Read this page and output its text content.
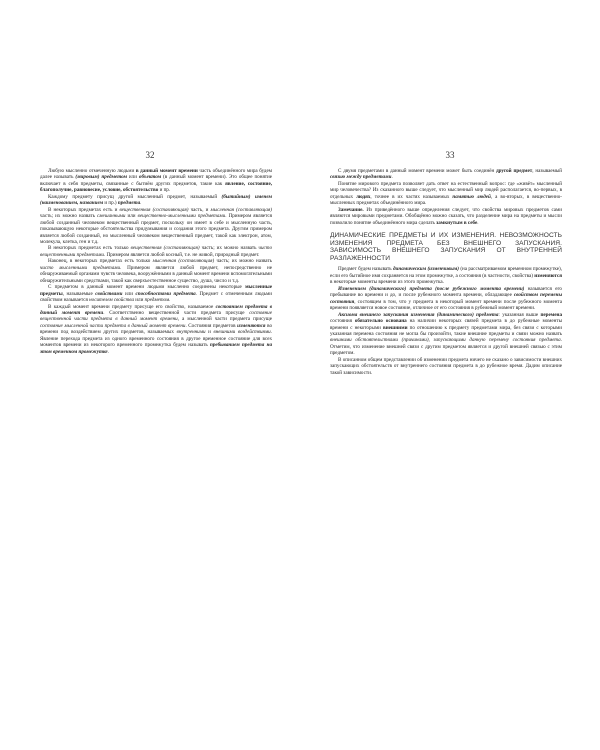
32

Любую мысленно отмеченную людьми в данный момент времени часть объединённого мира будем далее называть (мировым) предметом или объектом (в данный момент времени). Это общее понятие включает в себя предметы, связанные с бытиём других предметов, такие как явление, состояние, благополучие, равновесие, условие, обстоятельство и пр.

Каждому предмету присущ другой мысленный предмет, называемый (бытийным) именем (наименованием, названием и пр.) предмета.

В некоторых предметах есть и вещественная (составляющая) часть, и мысленная (составляющая) часть; их можно назвать смешанными или вещественно-мысленными предметами. Примером является любой созданный человеком вещественный предмет, поскольку он имеет в себе и мысленную часть, показывающую некоторые обстоятельства придумывания и создания этого предмета. Другим примером является любой созданный, но мысленный человеком вещественный предмет, такой как электрон, атом, молекула, клетка, ген и т.д.

В некоторых предметах есть только вещественная (составляющая) часть; их можно назвать чисто вещественными предметами. Примером является любой косный, т.е. не живой, природный предмет.

Наконец, в некоторых предметах есть только мысленная (составляющая) часть; их можно назвать чисто мысленными предметами. Примером является любой предмет, непосредственно не обнаруживаемый органами чувств человека, вооружёнными в данный момент времени вспомогательными обнаружительными средствами, такой как сверхъестественное существо, душа, число и т.д.

С предметом в данный момент времени людьми мысленно соединены некоторые мысленные предметы, называемые свойствами или способностями предмета. Предмет с отмеченным людьми свойством называется носителем свойства или предметом.

В каждый момент времени предмету присуще его свойство, называемое состоянием предмета в данный момент времени. Соответственно вещественной части предмета присуще состояние вещественной части предмета в данный момент времени, а мысленной части предмета присуще состояние мысленной части предмета в данный момент времени. Состояния предметов изменяются во времени под воздействием других предметов, называемых внутренними и внешними воздействиями. Явление перехода предмета из одного временного состояния в другое временное состояние для всех моментов времени из некоторого временного промежутка будем называть пребыванием предмета на этом временном промежутке.

33

С двумя предметами в данный момент времени может быть соединён другой предмет, называемый связью между предметами.

Понятие мирового предмета позволяет дать ответ на естественный вопрос: где «живёт» мысленный мир человечества? Из сказанного выше следует, что мысленный мир людей располагается, во-первых, в отдельных людях, точнее в их частях называемых памятью людей, а во-вторых, в вещественно-мысленных предметах объединённого мира.

Замечание. Из приведённого выше определения следует, что свойства мировых предметов сами являются мировыми предметами. Обобщённо можно сказать, что разделение мира на предметы и мысли позволило понятие объединённого мира сделать замкнутым в себе.

ДИНАМИЧЕСКИЕ ПРЕДМЕТЫ И ИХ ИЗМЕНЕНИЯ. НЕВОЗМОЖНОСТЬ ИЗМЕНЕНИЯ ПРЕДМЕТА БЕЗ ВНЕШНЕГО ЗАПУСКАНИЯ. ЗАВИСИМОСТЬ ВНЕШНЕГО ЗАПУСКАНИЯ ОТ ВНУТРЕННЕЙ РАЗЛАЖЕННОСТИ

Предмет будем называть динамическим (изменчивым) (на рассматриваемом временном промежутке), если его бытийное имя сохраняется на этом промежутке, а состояния (в частности, свойства) изменяются в некоторые моменты времени из этого промежутка.

Изменением (динамического) предмета (после рубежного момента времени) называется его пребывание во времени и до, и после рубежного момента времени, обладающее свойством перемены состояния, состоящем в том, что у предмета в некоторый момент времени после рубежного момента времени появляется новое состояние, отличное от его состояния в рубежный момент времени.

Аксиома внешнего запускания изменения (динамического) предмета: указанная выше перемена состояния обязательно основана на наличии некоторых связей предмета в до рубежные моменты времени с некоторыми внешними по отношению к предмету предметами мира, без связи с которыми указанная перемена состояния не могла бы произойти, такие внешние предметы и связи можно назвать внешними обстоятельствами (причинами), запускающими данную перемену состояния предмета. Отметим, что изменение внешней связи с другим предметом является и другой внешней связью с этим предметом.

В описанном общем представлении об изменении предмета ничего не сказано о зависимости внешних запускающих обстоятельств от внутреннего состояния предмета в до рубежное время. Дадим описание такой зависимости.
